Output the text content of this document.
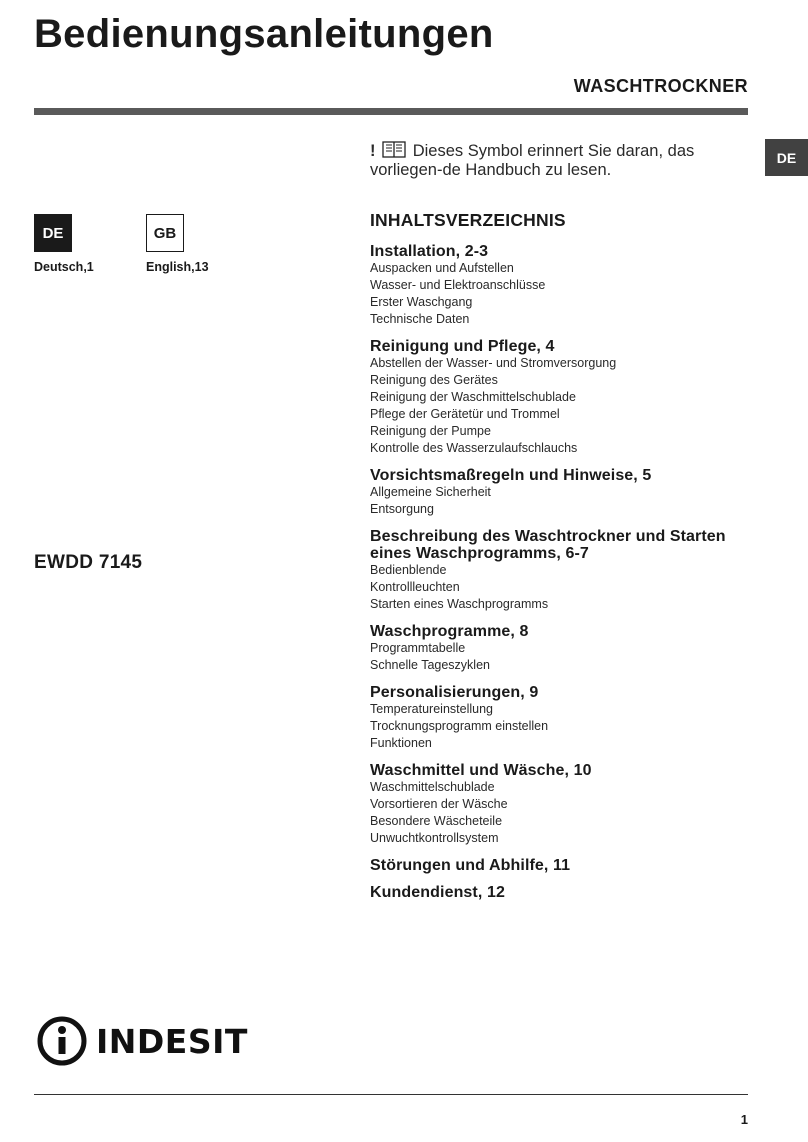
Bedienungsanleitungen
WASCHTROCKNER
DE
DE
Deutsch,1
GB
English,13
EWDD 7145
! Dieses Symbol erinnert Sie daran, das vorliegen-de Handbuch zu lesen.
INHALTSVERZEICHNIS
Installation, 2-3
Auspacken und Aufstellen
Wasser- und Elektroanschlüsse
Erster Waschgang
Technische Daten
Reinigung und Pflege, 4
Abstellen der Wasser- und Stromversorgung
Reinigung des Gerätes
Reinigung der Waschmittelschublade
Pflege der Gerätetür und Trommel
Reinigung der Pumpe
Kontrolle des Wasserzulaufschlauchs
Vorsichtsmaßregeln und Hinweise, 5
Allgemeine Sicherheit
Entsorgung
Beschreibung des Waschtrockner und Starten eines Waschprogramms, 6-7
Bedienblende
Kontrollleuchten
Starten eines Waschprogramms
Waschprogramme, 8
Programmtabelle
Schnelle Tageszyklen
Personalisierungen, 9
Temperatureinstellung
Trocknungsprogramm einstellen
Funktionen
Waschmittel und Wäsche, 10
Waschmittelschublade
Vorsortieren der Wäsche
Besondere Wäscheteile
Unwuchtkontrollsystem
Störungen und Abhilfe, 11
Kundendienst, 12
INDESIT
1
